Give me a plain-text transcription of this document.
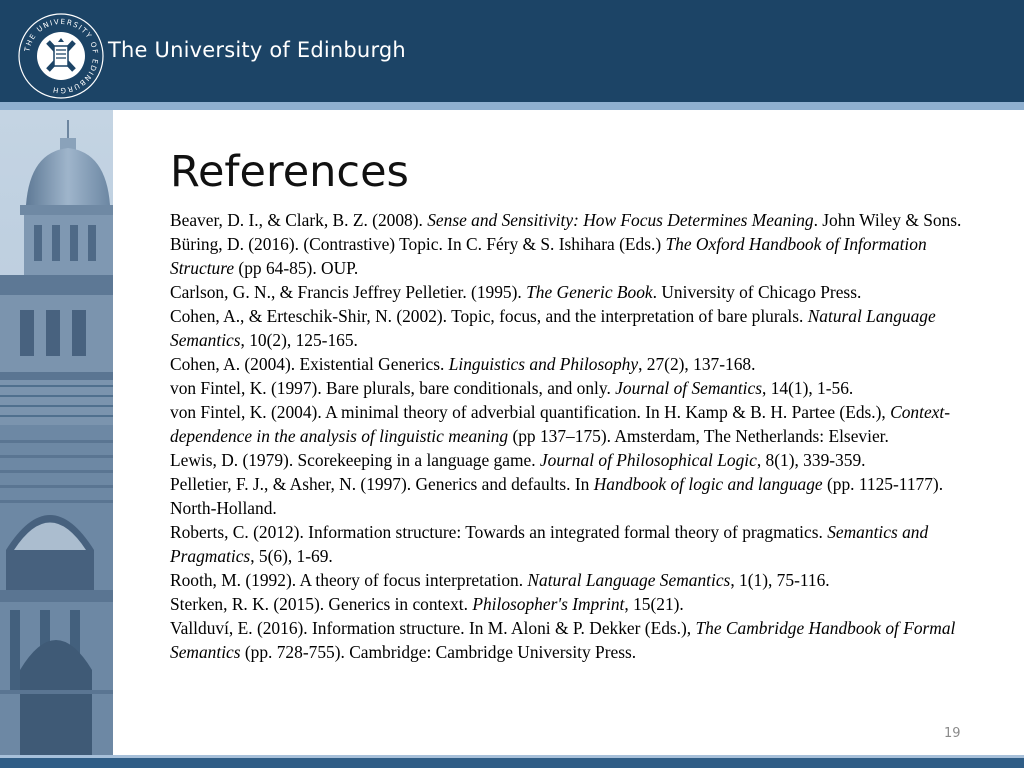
THE UNIVERSITY OF EDINBURGH
The University of Edinburgh
References

Beaver, D. I., & Clark, B. Z. (2008). Sense and Sensitivity: How Focus Determines Meaning. John Wiley & Sons.

Büring, D. (2016). (Contrastive) Topic. In C. Féry & S. Ishihara (Eds.) The Oxford Handbook of Information Structure (pp 64-85). OUP.

Carlson, G. N., & Francis Jeffrey Pelletier. (1995). The Generic Book. University of Chicago Press.

Cohen, A., & Erteschik-Shir, N. (2002). Topic, focus, and the interpretation of bare plurals. Natural Language Semantics, 10(2), 125-165.

Cohen, A. (2004). Existential Generics. Linguistics and Philosophy, 27(2), 137-168.

von Fintel, K. (1997). Bare plurals, bare conditionals, and only. Journal of Semantics, 14(1), 1-56.

von Fintel, K. (2004). A minimal theory of adverbial quantification. In H. Kamp & B. H. Partee (Eds.), Context-dependence in the analysis of linguistic meaning (pp 137–175). Amsterdam, The Netherlands: Elsevier.

Lewis, D. (1979). Scorekeeping in a language game. Journal of Philosophical Logic, 8(1), 339-359.

Pelletier, F. J., & Asher, N. (1997). Generics and defaults. In Handbook of logic and language (pp. 1125-1177). North-Holland.

Roberts, C. (2012). Information structure: Towards an integrated formal theory of pragmatics. Semantics and Pragmatics, 5(6), 1-69.

Rooth, M. (1992). A theory of focus interpretation. Natural Language Semantics, 1(1), 75-116.

Sterken, R. K. (2015). Generics in context. Philosopher's Imprint, 15(21).

Vallduví, E. (2016). Information structure. In M. Aloni & P. Dekker (Eds.), The Cambridge Handbook of Formal Semantics (pp. 728-755). Cambridge: Cambridge University Press.

19
